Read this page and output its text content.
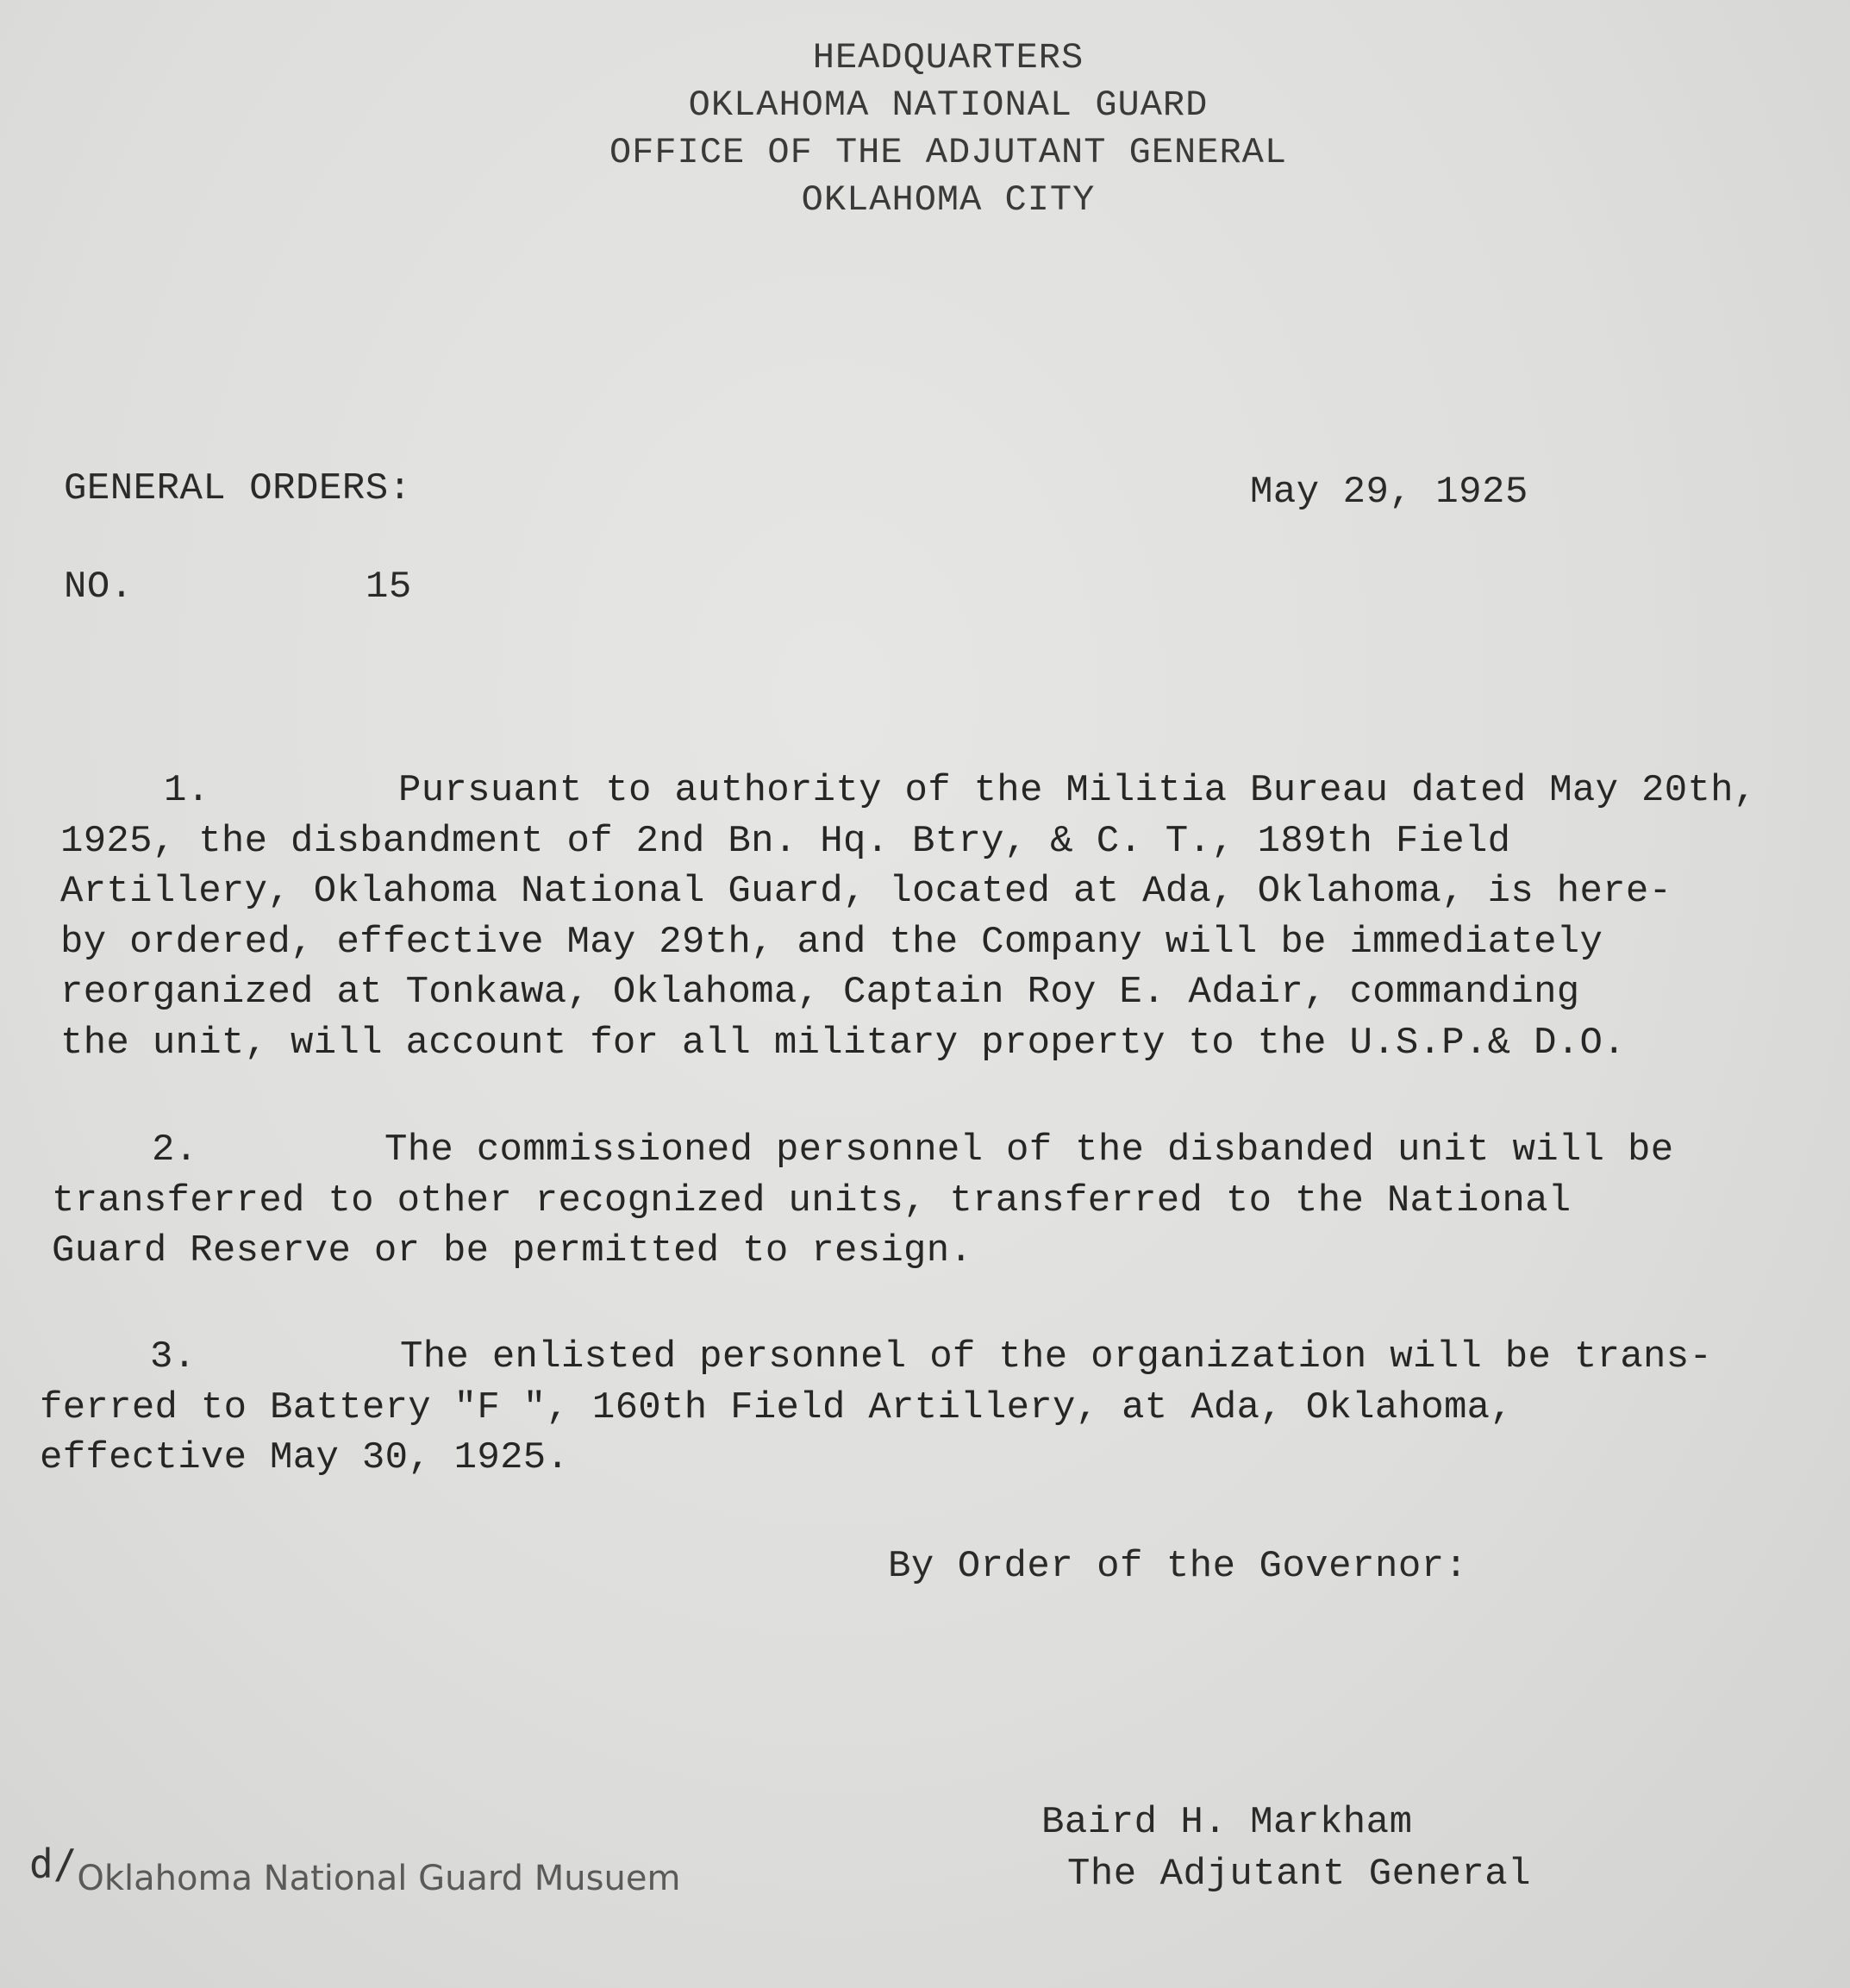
HEADQUARTERS
OKLAHOMA NATIONAL GUARD
OFFICE OF THE ADJUTANT GENERAL
OKLAHOMA CITY
GENERAL ORDERS:	May 29, 1925
NO.	15
1.	Pursuant to authority of the Militia Bureau dated May 20th,
1925, the disbandment of 2nd Bn. Hq. Btry, & C. T., 189th Field
Artillery, Oklahoma National Guard, located at Ada, Oklahoma, is here-
by ordered, effective May 29th, and the Company will be immediately
reorganized at Tonkawa, Oklahoma, Captain Roy E. Adair, commanding
the unit, will account for all military property to the U.S.P.& D.O.
2.	The commissioned personnel of the disbanded unit will be
transferred to other recognized units, transferred to the National
Guard Reserve or be permitted to resign.
3.	The enlisted personnel of the organization will be trans-
ferred to Battery "F ", 160th Field Artillery, at Ada, Oklahoma,
effective May 30, 1925.
By Order of the Governor:
Baird H. Markham
The Adjutant General
d/Oklahoma National Guard Musuem
